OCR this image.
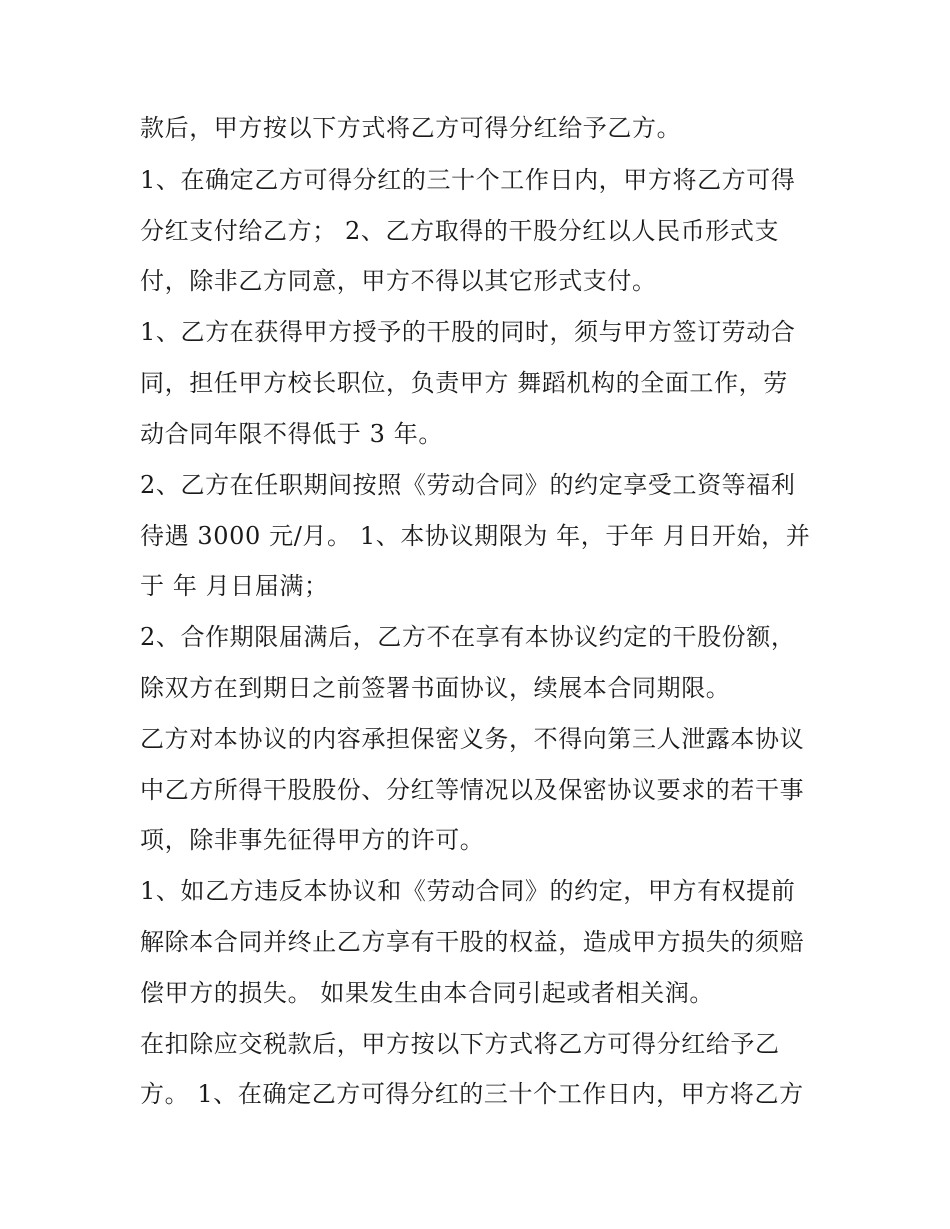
款后，甲方按以下方式将乙方可得分红给予乙方。
1、在确定乙方可得分红的三十个工作日内，甲方将乙方可得
分红支付给乙方； 2、乙方取得的干股分红以人民币形式支
付，除非乙方同意，甲方不得以其它形式支付。
1、乙方在获得甲方授予的干股的同时，须与甲方签订劳动合
同，担任甲方校长职位，负责甲方 舞蹈机构的全面工作，劳
动合同年限不得低于 3 年。
2、乙方在任职期间按照《劳动合同》的约定享受工资等福利
待遇 3000 元/月。 1、本协议期限为 年，于年 月日开始，并
于 年 月日届满；
2、合作期限届满后，乙方不在享有本协议约定的干股份额，
除双方在到期日之前签署书面协议，续展本合同期限。
乙方对本协议的内容承担保密义务，不得向第三人泄露本协议
中乙方所得干股股份、分红等情况以及保密协议要求的若干事
项，除非事先征得甲方的许可。
1、如乙方违反本协议和《劳动合同》的约定，甲方有权提前
解除本合同并终止乙方享有干股的权益，造成甲方损失的须赔
偿甲方的损失。 如果发生由本合同引起或者相关润。
在扣除应交税款后，甲方按以下方式将乙方可得分红给予乙
方。 1、在确定乙方可得分红的三十个工作日内，甲方将乙方
